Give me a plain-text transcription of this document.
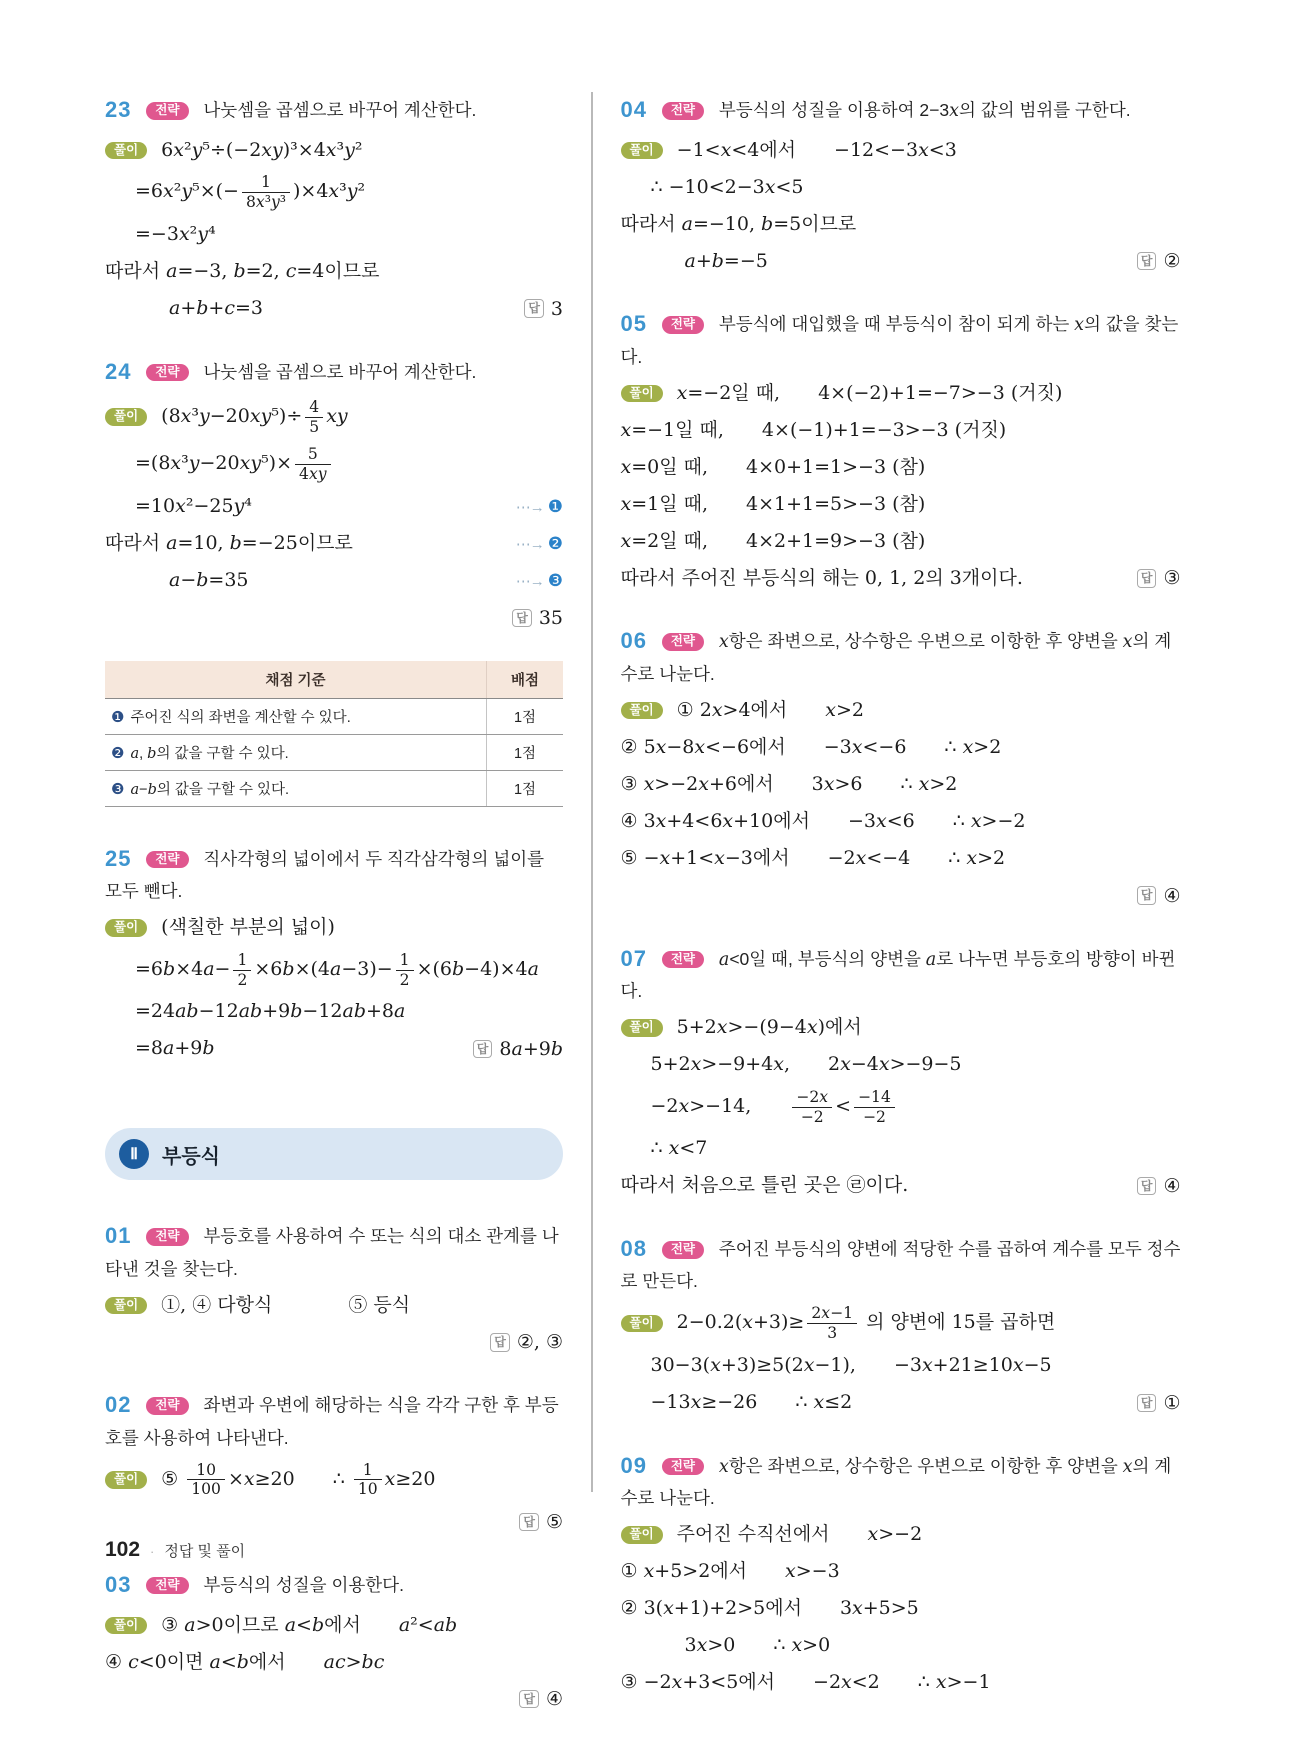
23 전략 나눗셈을 곱셈으로 바꾸어 계산한다.
풀이	6x²y⁵÷(−2xy)³×4x³y²
$=6x^2y^5\times(- \frac{1}{\text{8x³y³}} )\times 4x^3y^2$
=−3x²y⁴
따라서 a=−3, b=2, c=4이므로
a+b+c=3	답 3
24 전략 나눗셈을 곱셈으로 바꾸어 계산한다.
풀이	$(8x^3y-20xy^5)\div \frac{4}{5}$ xy
$=(8x^3y-20xy^5)\times \frac{5}{4xy}$
=10x²−25y⁴	⋯→ ❶
따라서 a=10, b=−25이므로	⋯→ ❷
a−b=35	⋯→ ❸
답 35
채점 기준	배점
❶ 주어진 식의 좌변을 계산할 수 있다.	1점
❷ a, b의 값을 구할 수 있다.	1점
❸ a−b의 값을 구할 수 있다.	1점
25 전략 직사각형의 넓이에서 두 직각삼각형의 넓이를 모두 뺀다.
풀이	(색칠한 부분의 넓이)
$=6b\times 4a- \frac{1}{2} \times 6b\times(4a-3)- \frac{1}{2} \times(6b-4)\times 4a$
=24ab−12ab+9b−12ab+8a
=8a+9b	답 8a+9b
Ⅱ	부등식
01 전략 부등호를 사용하여 수 또는 식의 대소 관계를 나타낸 것을 찾는다.
풀이	①, ④ 다항식    ⑤ 등식
답 ②, ③
02 전략 좌변과 우변에 해당하는 식을 각각 구한 후 부등호를 사용하여 나타낸다.
풀이	⑤ $\frac{10}{100} \times x\ge 20$  ∴ $\frac{1}{10} x\ge 20$
답 ⑤
03 전략 부등식의 성질을 이용한다.
풀이	③ a>0이므로 a<b에서  a²<ab
④ c<0이면 a<b에서  ac>bc
답 ④
04 전략 부등식의 성질을 이용하여 2−3x의 값의 범위를 구한다.
풀이	−1<x<4에서  −12<−3x<3
∴ −10<2−3x<5
따라서 a=−10, b=5이므로
a+b=−5	답 ②
05 전략 부등식에 대입했을 때 부등식이 참이 되게 하는 x의 값을 찾는다.
풀이	x=−2일 때,  4×(−2)+1=−7>−3 (거짓)
x=−1일 때,  4×(−1)+1=−3>−3 (거짓)
x=0일 때,  4×0+1=1>−3 (참)
x=1일 때,  4×1+1=5>−3 (참)
x=2일 때,  4×2+1=9>−3 (참)
따라서 주어진 부등식의 해는 0, 1, 2의 3개이다.	답 ③
06 전략 x항은 좌변으로, 상수항은 우변으로 이항한 후 양변을 x의 계수로 나눈다.
풀이	① 2x>4에서  x>2
② 5x−8x<−6에서  −3x<−6  ∴ x>2
③ x>−2x+6에서  3x>6  ∴ x>2
④ 3x+4<6x+10에서  −3x<6  ∴ x>−2
⑤ −x+1<x−3에서  −2x<−4  ∴ x>2
답 ④
07 전략 a<0일 때, 부등식의 양변을 a로 나누면 부등호의 방향이 바뀐다.
풀이	5+2x>−(9−4x)에서
5+2x>−9+4x,  2x−4x>−9−5
−2x>−14,   $\frac{-2x}{-2} < \frac{-14}{-2}$
∴ x<7
따라서 처음으로 틀린 곳은 ㉣이다.	답 ④
08 전략 주어진 부등식의 양변에 적당한 수를 곱하여 계수를 모두 정수로 만든다.
풀이	$2-0.2(x+3)\ge \frac{2x-1}{3}$ 의 양변에 15를 곱하면
30−3(x+3)≥5(2x−1),  −3x+21≥10x−5
−13x≥−26  ∴ x≤2	답 ①
09 전략 x항은 좌변으로, 상수항은 우변으로 이항한 후 양변을 x의 계수로 나눈다.
풀이	주어진 수직선에서  x>−2
① x+5>2에서  x>−3
② 3(x+1)+2>5에서  3x+5>5
3x>0  ∴ x>0
③ −2x+3<5에서  −2x<2  ∴ x>−1
102 · 정답 및 풀이
